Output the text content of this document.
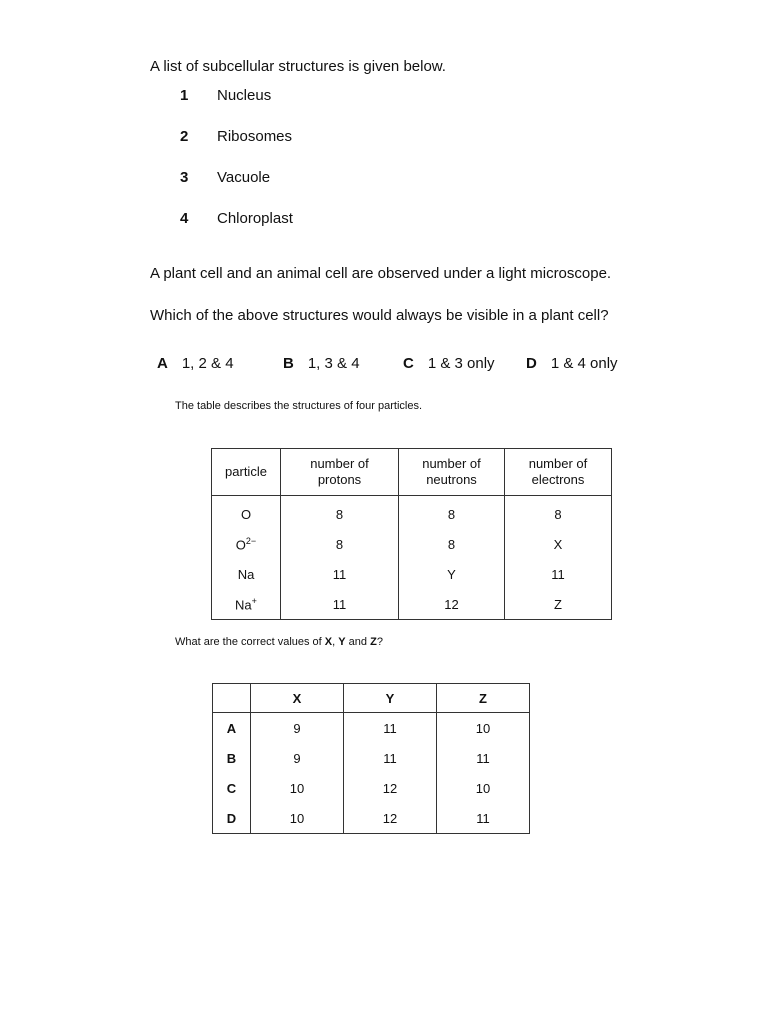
A list of subcellular structures is given below.
1 Nucleus
2 Ribosomes
3 Vacuole
4 Chloroplast
A plant cell and an animal cell are observed under a light microscope.
Which of the above structures would always be visible in a plant cell?
A 1, 2 & 4	B 1, 3 & 4	C 1 & 3 only D 1 & 4 only
The table describes the structures of four particles.
particle	number of protons	number of neutrons	number of electrons
O	8	8	8
$O^{2-}$	8	8	X
Na	11	Y	11
Na+	11	12	Z
What are the correct values of X, Y and Z?
	X	Y	Z
A	9	11	10
B	9	11	11
C	10	12	10
D	10	12	11
